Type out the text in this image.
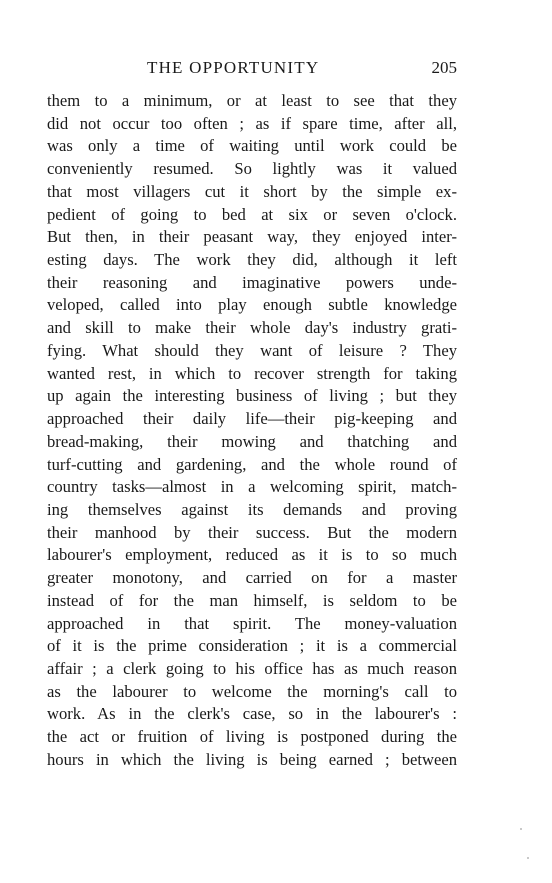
THE OPPORTUNITY	205
them to a minimum, or at least to see that they
did not occur too often ; as if spare time, after all,
was only a time of waiting until work could be
conveniently resumed. So lightly was it valued
that most villagers cut it short by the simple ex-
pedient of going to bed at six or seven o'clock.
But then, in their peasant way, they enjoyed inter-
esting days. The work they did, although it left
their reasoning and imaginative powers unde-
veloped, called into play enough subtle knowledge
and skill to make their whole day's industry grati-
fying. What should they want of leisure ? They
wanted rest, in which to recover strength for taking
up again the interesting business of living ; but they
approached their daily life—their pig-keeping and
bread-making, their mowing and thatching and
turf-cutting and gardening, and the whole round of
country tasks—almost in a welcoming spirit, match-
ing themselves against its demands and proving
their manhood by their success. But the modern
labourer's employment, reduced as it is to so much
greater monotony, and carried on for a master
instead of for the man himself, is seldom to be
approached in that spirit. The money-valuation
of it is the prime consideration ; it is a commercial
affair ; a clerk going to his office has as much reason
as the labourer to welcome the morning's call to
work. As in the clerk's case, so in the labourer's :
the act or fruition of living is postponed during the
hours in which the living is being earned ; between
